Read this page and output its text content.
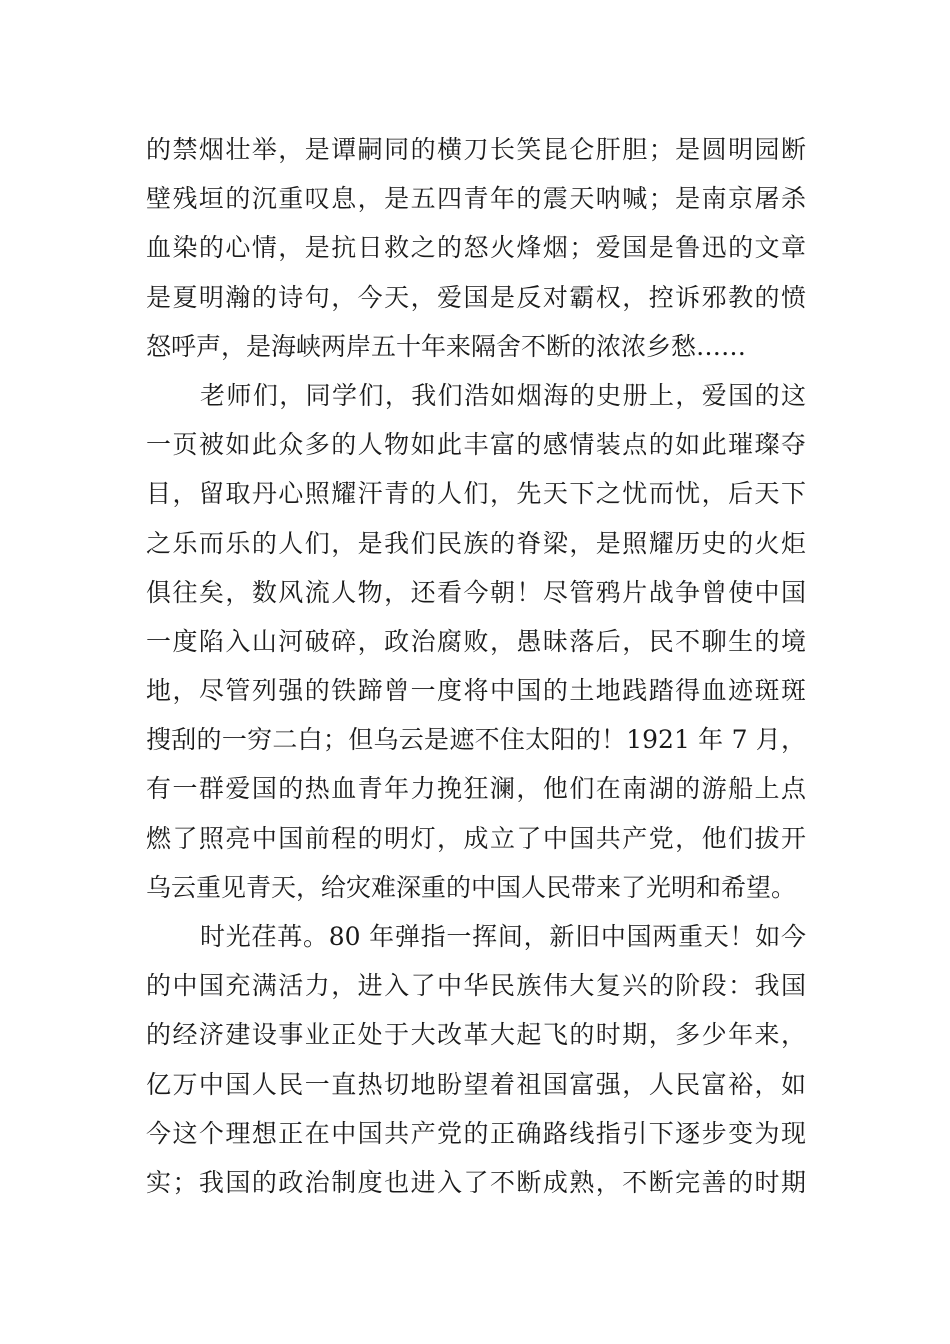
的禁烟壮举，是谭嗣同的横刀长笑昆仑肝胆；是圆明园断
壁残垣的沉重叹息，是五四青年的震天呐喊；是南京屠杀
血染的心情，是抗日救之的怒火烽烟；爱国是鲁迅的文章
是夏明瀚的诗句，今天，爱国是反对霸权，控诉邪教的愤
怒呼声，是海峡两岸五十年来隔舍不断的浓浓乡愁……
老师们，同学们，我们浩如烟海的史册上，爱国的这
一页被如此众多的人物如此丰富的感情装点的如此璀璨夺
目，留取丹心照耀汗青的人们，先天下之忧而忧，后天下
之乐而乐的人们，是我们民族的脊梁，是照耀历史的火炬
俱往矣，数风流人物，还看今朝！尽管鸦片战争曾使中国
一度陷入山河破碎，政治腐败，愚昧落后，民不聊生的境
地，尽管列强的铁蹄曾一度将中国的土地践踏得血迹斑斑
搜刮的一穷二白；但乌云是遮不住太阳的！1921 年 7 月，
有一群爱国的热血青年力挽狂澜，他们在南湖的游船上点
燃了照亮中国前程的明灯，成立了中国共产党，他们拔开
乌云重见青天，给灾难深重的中国人民带来了光明和希望。
时光荏苒。80 年弹指一挥间，新旧中国两重天！如今
的中国充满活力，进入了中华民族伟大复兴的阶段：我国
的经济建设事业正处于大改革大起飞的时期，多少年来，
亿万中国人民一直热切地盼望着祖国富强，人民富裕，如
今这个理想正在中国共产党的正确路线指引下逐步变为现
实；我国的政治制度也进入了不断成熟，不断完善的时期
